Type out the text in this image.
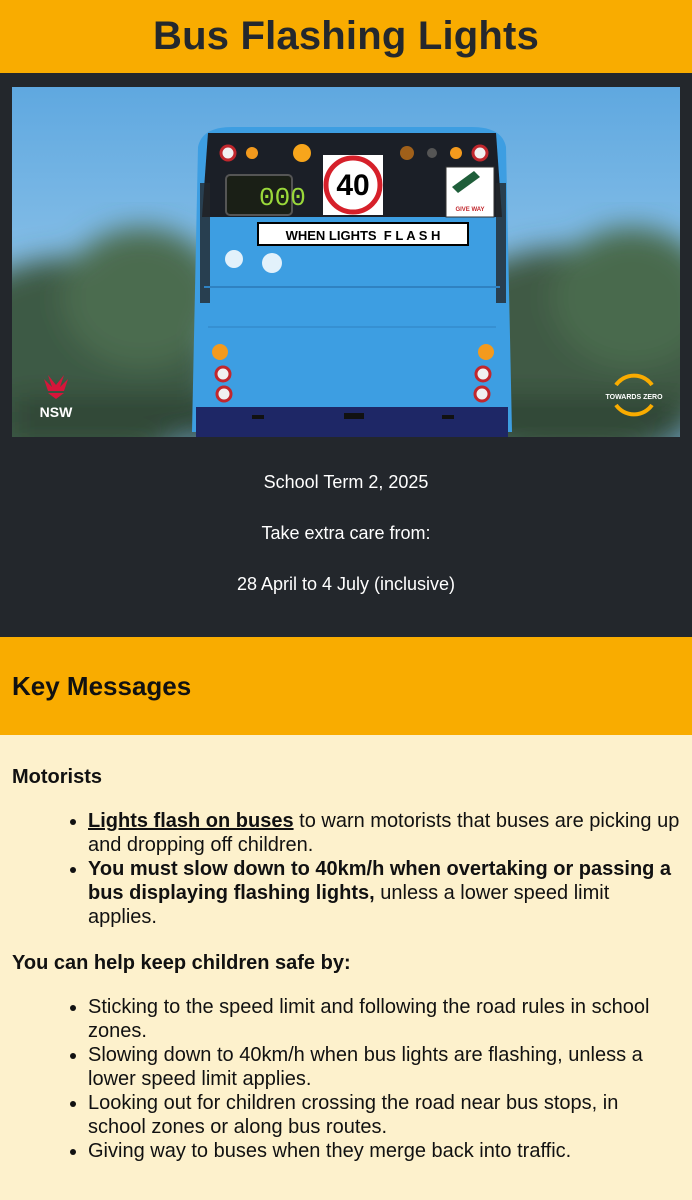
Bus Flashing Lights
000 40
GIVE WAY
WHEN LIGHTS  F L A S H
NSW
TOWARDS ZERO

School Term 2, 2025

Take extra care from:

28 April to 4 July (inclusive)

Key Messages
Motorists
• Lights flash on buses to warn motorists that buses are picking up and dropping off children.
• You must slow down to 40km/h when overtaking or passing a bus displaying flashing lights, unless a lower speed limit applies.
You can help keep children safe by:
• Sticking to the speed limit and following the road rules in school zones.
• Slowing down to 40km/h when bus lights are flashing, unless a lower speed limit applies.
• Looking out for children crossing the road near bus stops, in school zones or along bus routes.
• Giving way to buses when they merge back into traffic.
